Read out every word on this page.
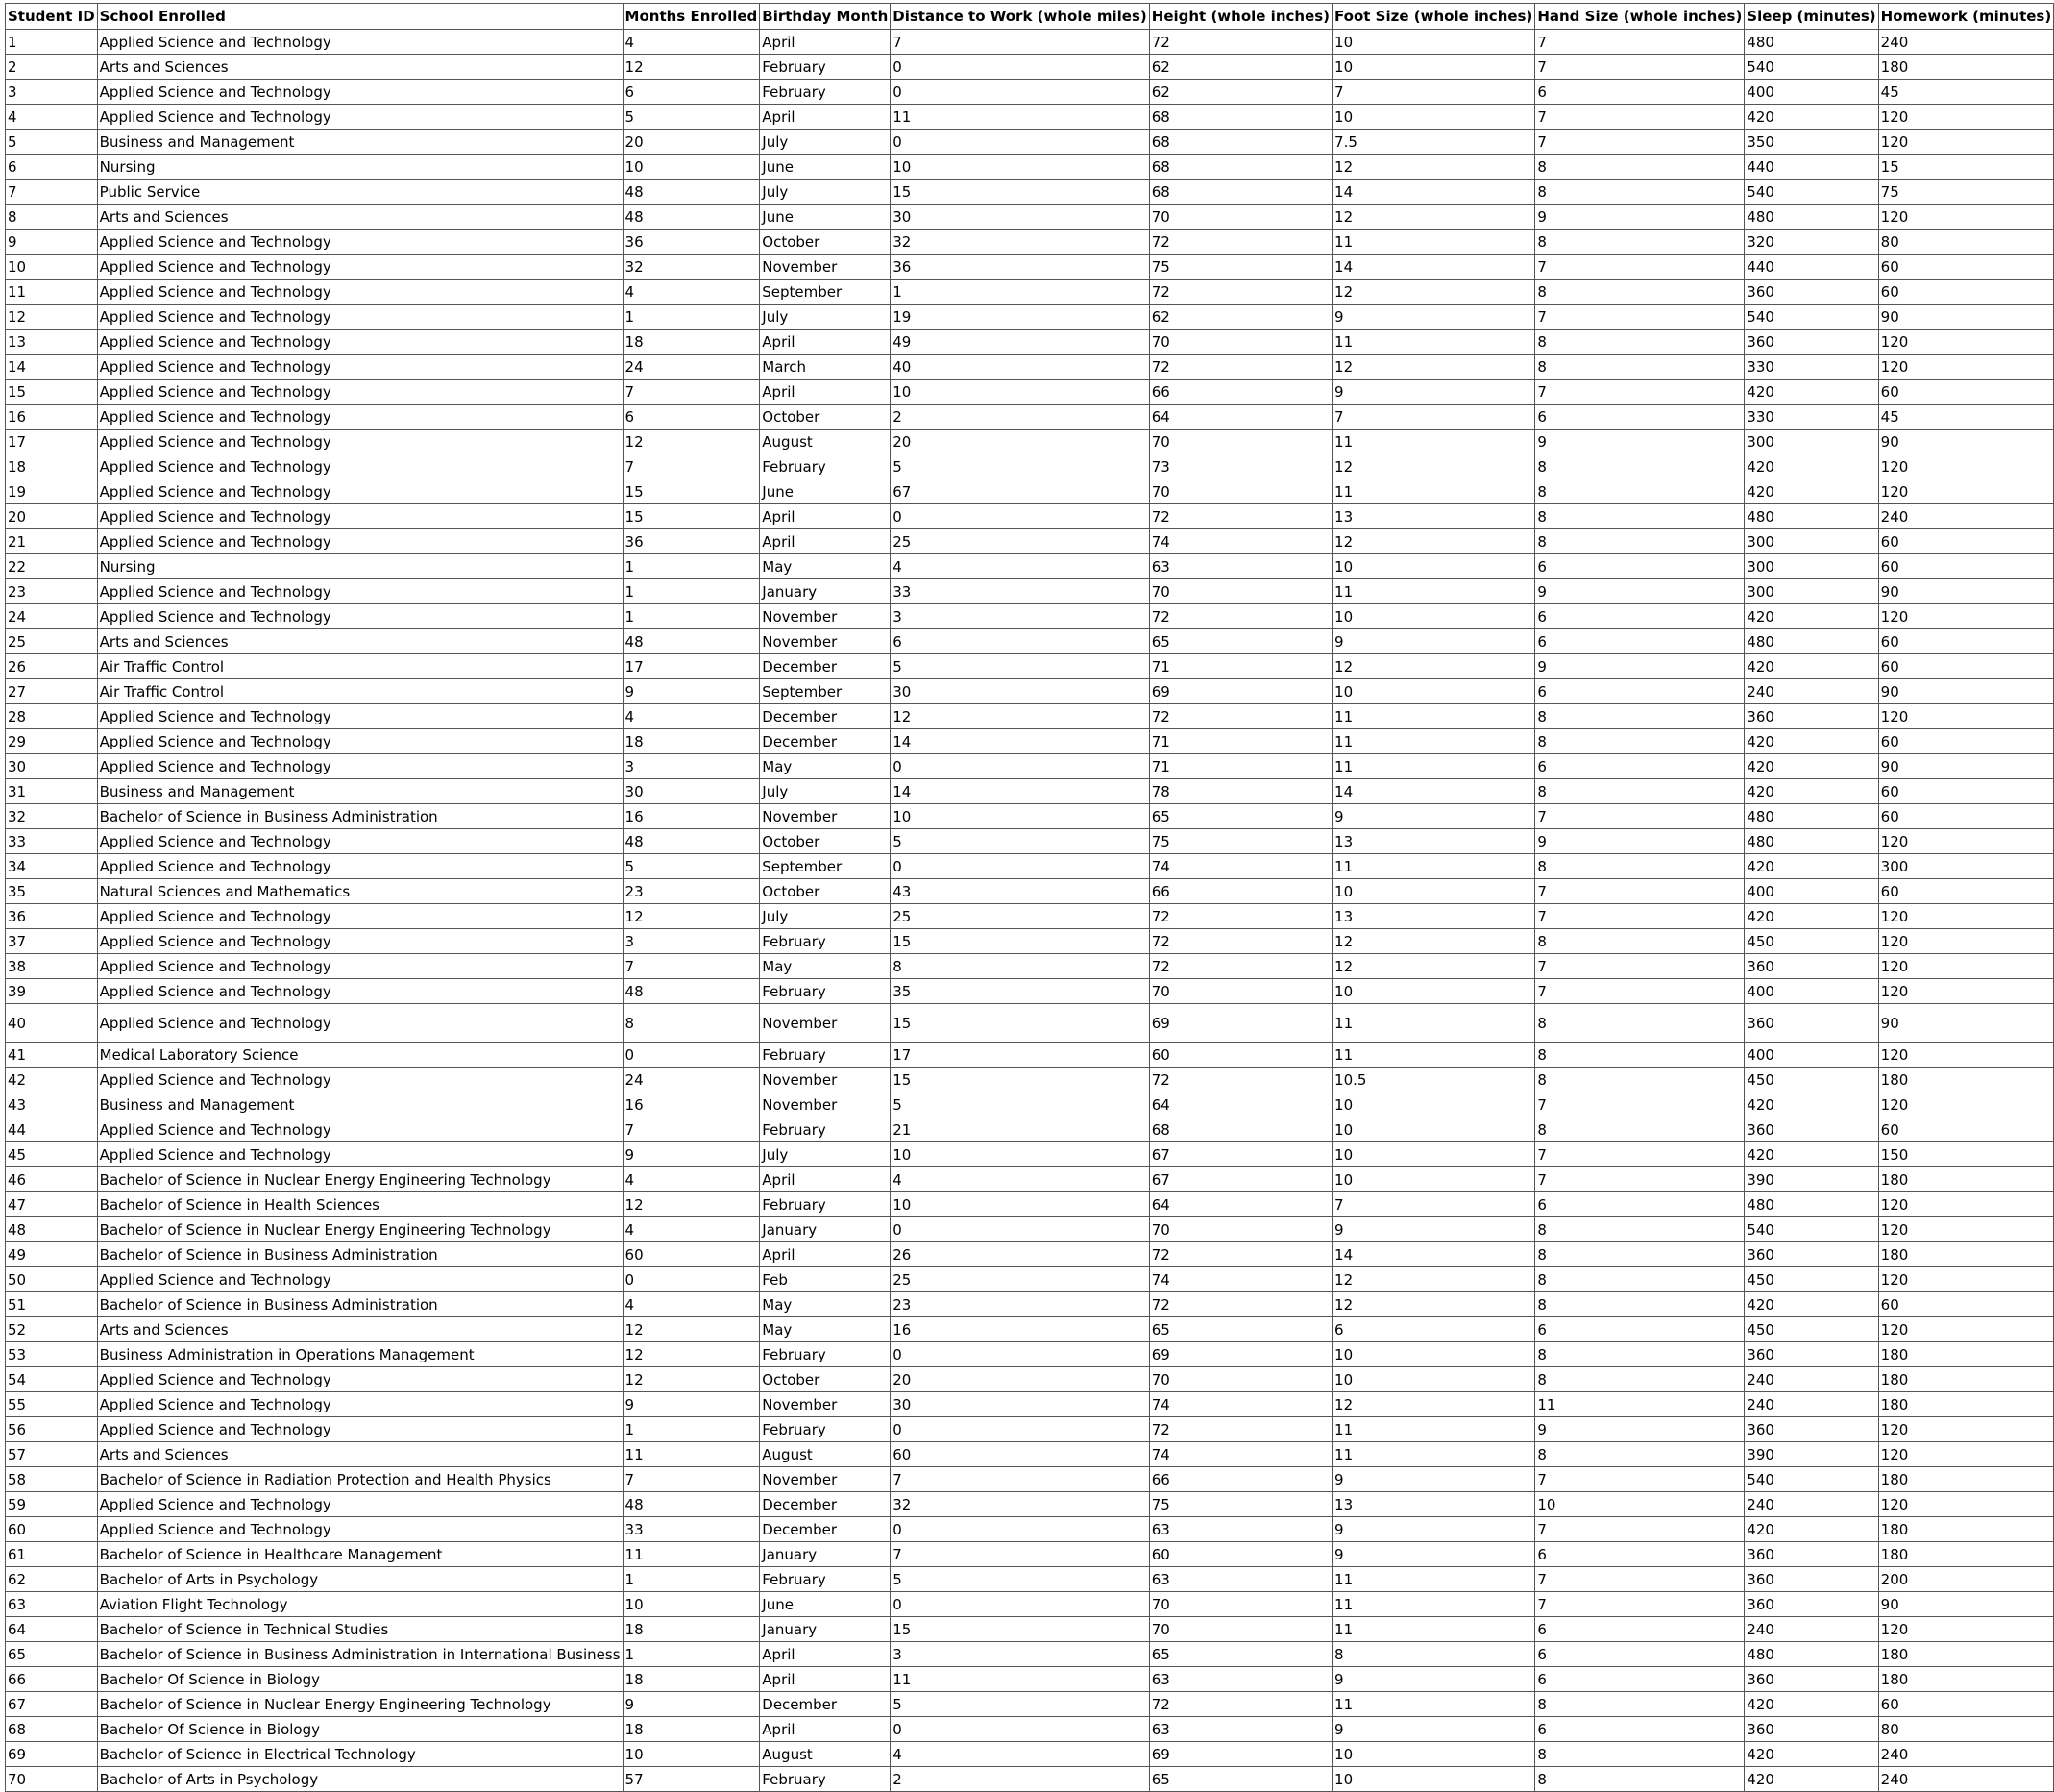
Student ID	School Enrolled	Months Enrolled	Birthday Month	Distance to Work (whole miles)	Height (whole inches)	Foot Size (whole inches)	Hand Size (whole inches)	Sleep (minutes)	Homework (minutes)
1	Applied Science and Technology	4	April	7	72	10	7	480	240
2	Arts and Sciences	12	February	0	62	10	7	540	180
3	Applied Science and Technology	6	February	0	62	7	6	400	45
4	Applied Science and Technology	5	April	11	68	10	7	420	120
5	Business and Management	20	July	0	68	7.5	7	350	120
6	Nursing	10	June	10	68	12	8	440	15
7	Public Service	48	July	15	68	14	8	540	75
8	Arts and Sciences	48	June	30	70	12	9	480	120
9	Applied Science and Technology	36	October	32	72	11	8	320	80
10	Applied Science and Technology	32	November	36	75	14	7	440	60
11	Applied Science and Technology	4	September	1	72	12	8	360	60
12	Applied Science and Technology	1	July	19	62	9	7	540	90
13	Applied Science and Technology	18	April	49	70	11	8	360	120
14	Applied Science and Technology	24	March	40	72	12	8	330	120
15	Applied Science and Technology	7	April	10	66	9	7	420	60
16	Applied Science and Technology	6	October	2	64	7	6	330	45
17	Applied Science and Technology	12	August	20	70	11	9	300	90
18	Applied Science and Technology	7	February	5	73	12	8	420	120
19	Applied Science and Technology	15	June	67	70	11	8	420	120
20	Applied Science and Technology	15	April	0	72	13	8	480	240
21	Applied Science and Technology	36	April	25	74	12	8	300	60
22	Nursing	1	May	4	63	10	6	300	60
23	Applied Science and Technology	1	January	33	70	11	9	300	90
24	Applied Science and Technology	1	November	3	72	10	6	420	120
25	Arts and Sciences	48	November	6	65	9	6	480	60
26	Air Traffic Control	17	December	5	71	12	9	420	60
27	Air Traffic Control	9	September	30	69	10	6	240	90
28	Applied Science and Technology	4	December	12	72	11	8	360	120
29	Applied Science and Technology	18	December	14	71	11	8	420	60
30	Applied Science and Technology	3	May	0	71	11	6	420	90
31	Business and Management	30	July	14	78	14	8	420	60
32	Bachelor of Science in Business Administration	16	November	10	65	9	7	480	60
33	Applied Science and Technology	48	October	5	75	13	9	480	120
34	Applied Science and Technology	5	September	0	74	11	8	420	300
35	Natural Sciences and Mathematics	23	October	43	66	10	7	400	60
36	Applied Science and Technology	12	July	25	72	13	7	420	120
37	Applied Science and Technology	3	February	15	72	12	8	450	120
38	Applied Science and Technology	7	May	8	72	12	7	360	120
39	Applied Science and Technology	48	February	35	70	10	7	400	120
40	Applied Science and Technology	8	November	15	69	11	8	360	90
41	Medical Laboratory Science	0	February	17	60	11	8	400	120
42	Applied Science and Technology	24	November	15	72	10.5	8	450	180
43	Business and Management	16	November	5	64	10	7	420	120
44	Applied Science and Technology	7	February	21	68	10	8	360	60
45	Applied Science and Technology	9	July	10	67	10	7	420	150
46	Bachelor of Science in Nuclear Energy Engineering Technology	4	April	4	67	10	7	390	180
47	Bachelor of Science in Health Sciences	12	February	10	64	7	6	480	120
48	Bachelor of Science in Nuclear Energy Engineering Technology	4	January	0	70	9	8	540	120
49	Bachelor of Science in Business Administration	60	April	26	72	14	8	360	180
50	Applied Science and Technology	0	Feb	25	74	12	8	450	120
51	Bachelor of Science in Business Administration	4	May	23	72	12	8	420	60
52	Arts and Sciences	12	May	16	65	6	6	450	120
53	Business Administration in Operations Management	12	February	0	69	10	8	360	180
54	Applied Science and Technology	12	October	20	70	10	8	240	180
55	Applied Science and Technology	9	November	30	74	12	11	240	180
56	Applied Science and Technology	1	February	0	72	11	9	360	120
57	Arts and Sciences	11	August	60	74	11	8	390	120
58	Bachelor of Science in Radiation Protection and Health Physics	7	November	7	66	9	7	540	180
59	Applied Science and Technology	48	December	32	75	13	10	240	120
60	Applied Science and Technology	33	December	0	63	9	7	420	180
61	Bachelor of Science in Healthcare Management	11	January	7	60	9	6	360	180
62	Bachelor of Arts in Psychology	1	February	5	63	11	7	360	200
63	Aviation Flight Technology	10	June	0	70	11	7	360	90
64	Bachelor of Science in Technical Studies	18	January	15	70	11	6	240	120
65	Bachelor of Science in Business Administration in International Business	1	April	3	65	8	6	480	180
66	Bachelor Of Science in Biology	18	April	11	63	9	6	360	180
67	Bachelor of Science in Nuclear Energy Engineering Technology	9	December	5	72	11	8	420	60
68	Bachelor Of Science in Biology	18	April	0	63	9	6	360	80
69	Bachelor of Science in Electrical Technology	10	August	4	69	10	8	420	240
70	Bachelor of Arts in Psychology	57	February	2	65	10	8	420	240
